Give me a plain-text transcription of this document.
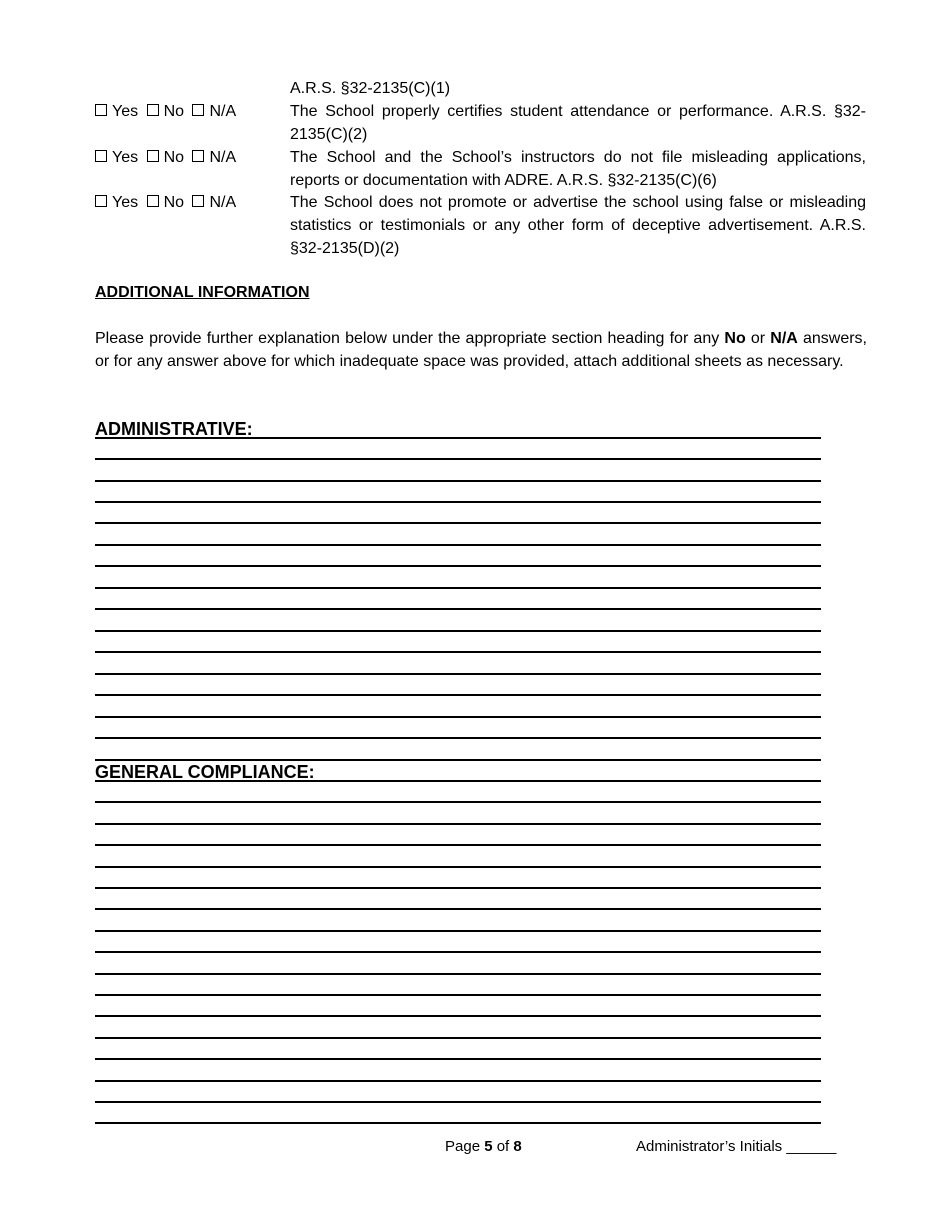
A.R.S. §32-2135(C)(1)
Yes No N/A	The School properly certifies student attendance or performance. A.R.S. §32-2135(C)(2)
Yes No N/A	The School and the School’s instructors do not file misleading applications, reports or documentation with ADRE. A.R.S. §32-2135(C)(6)
Yes No N/A	The School does not promote or advertise the school using false or misleading statistics or testimonials or any other form of deceptive advertisement. A.R.S. §32-2135(D)(2)
ADDITIONAL INFORMATION
Please provide further explanation below under the appropriate section heading for any No or N/A answers, or for any answer above for which inadequate space was provided, attach additional sheets as necessary.
ADMINISTRATIVE:
GENERAL COMPLIANCE:
Page 5 of 8	Administrator’s Initials ______
